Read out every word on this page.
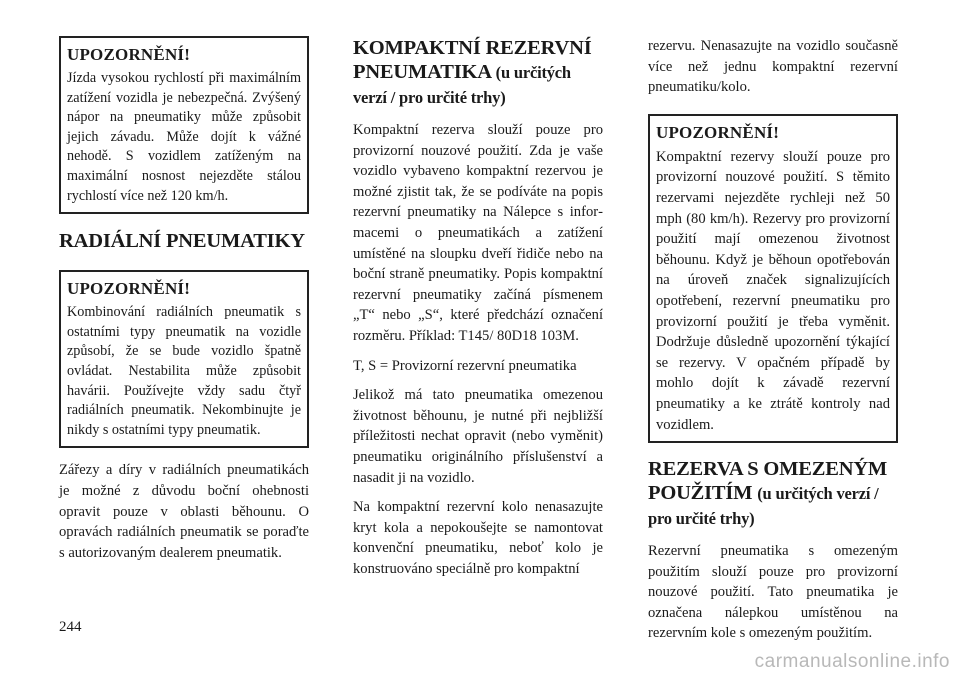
UPOZORNĚNÍ!

Jízda vysokou rychlostí při maximálním zatížení vozidla je nebezpečná. Zvýšený nápor na pneumatiky může způsobit jejich závadu. Může dojít k vážné nehodě. S vozidlem zatíženým na maximální nosnost nejezděte stálou rychlostí více než 120 km/h.

RADIÁLNÍ PNEUMATIKY
UPOZORNĚNÍ!

Kombinování radiálních pneumatik s ostatními typy pneumatik na vozidle způsobí, že se bude vozidlo špatně ovládat. Nestabilita může způsobit havárii. Používejte vždy sadu čtyř radiálních pneumatik. Nekombinujte je nikdy s ostatními typy pneumatik.

Zářezy a díry v radiálních pneumatikách je možné z důvodu boční ohebnosti opravit pouze v oblasti běhounu. O opravách radiálních pneumatik se poraďte s autorizovaným dealerem pneumatik.

KOMPAKTNÍ REZERVNÍ PNEUMATIKA (u určitých verzí / pro určité trhy)

Kompaktní rezerva slouží pouze pro provizorní nouzové použití. Zda je vaše vozidlo vybaveno kompaktní rezervou je možné zjistit tak, že se podíváte na popis rezervní pneumatiky na Nálepce s informacemi o pneumatikách a zatížení umístěné na sloupku dveří řidiče nebo na boční straně pneumatiky. Popis kompaktní rezervní pneumatiky začíná písmenem „T“ nebo „S“, které předchází označení rozměru. Příklad: T145/ 80D18 103M.

T, S = Provizorní rezervní pneumatika

Jelikož má tato pneumatika omezenou životnost běhounu, je nutné při nejbližší příležitosti nechat opravit (nebo vyměnit) pneumatiku originálního příslušenství a nasadit ji na vozidlo.

Na kompaktní rezervní kolo nenasazujte kryt kola a nepokoušejte se namontovat konvenční pneumatiku, neboť kolo je konstruováno speciálně pro kompaktní

rezervu. Nenasazujte na vozidlo současně více než jednu kompaktní rezervní pneumatiku/kolo.

UPOZORNĚNÍ!

Kompaktní rezervy slouží pouze pro provizorní nouzové použití. S těmito rezervami nejezděte rychleji než 50 mph (80 km/h). Rezervy pro provizorní použití mají omezenou životnost běhounu. Když je běhoun opotřebován na úroveň značek signalizujících opotřebení, rezervní pneumatiku pro provizorní použití je třeba vyměnit. Dodržuje důsledně upozornění týkající se rezervy. V opačném případě by mohlo dojít k závadě rezervní pneumatiky a ke ztrátě kontroly nad vozidlem.

REZERVA S OMEZENÝM POUŽITÍM (u určitých verzí / pro určité trhy)

Rezervní pneumatika s omezeným použitím slouží pouze pro provizorní nouzové použití. Tato pneumatika je označena nálepkou umístěnou na rezervním kole s omezeným použitím.

244
carmanualsonline.info
